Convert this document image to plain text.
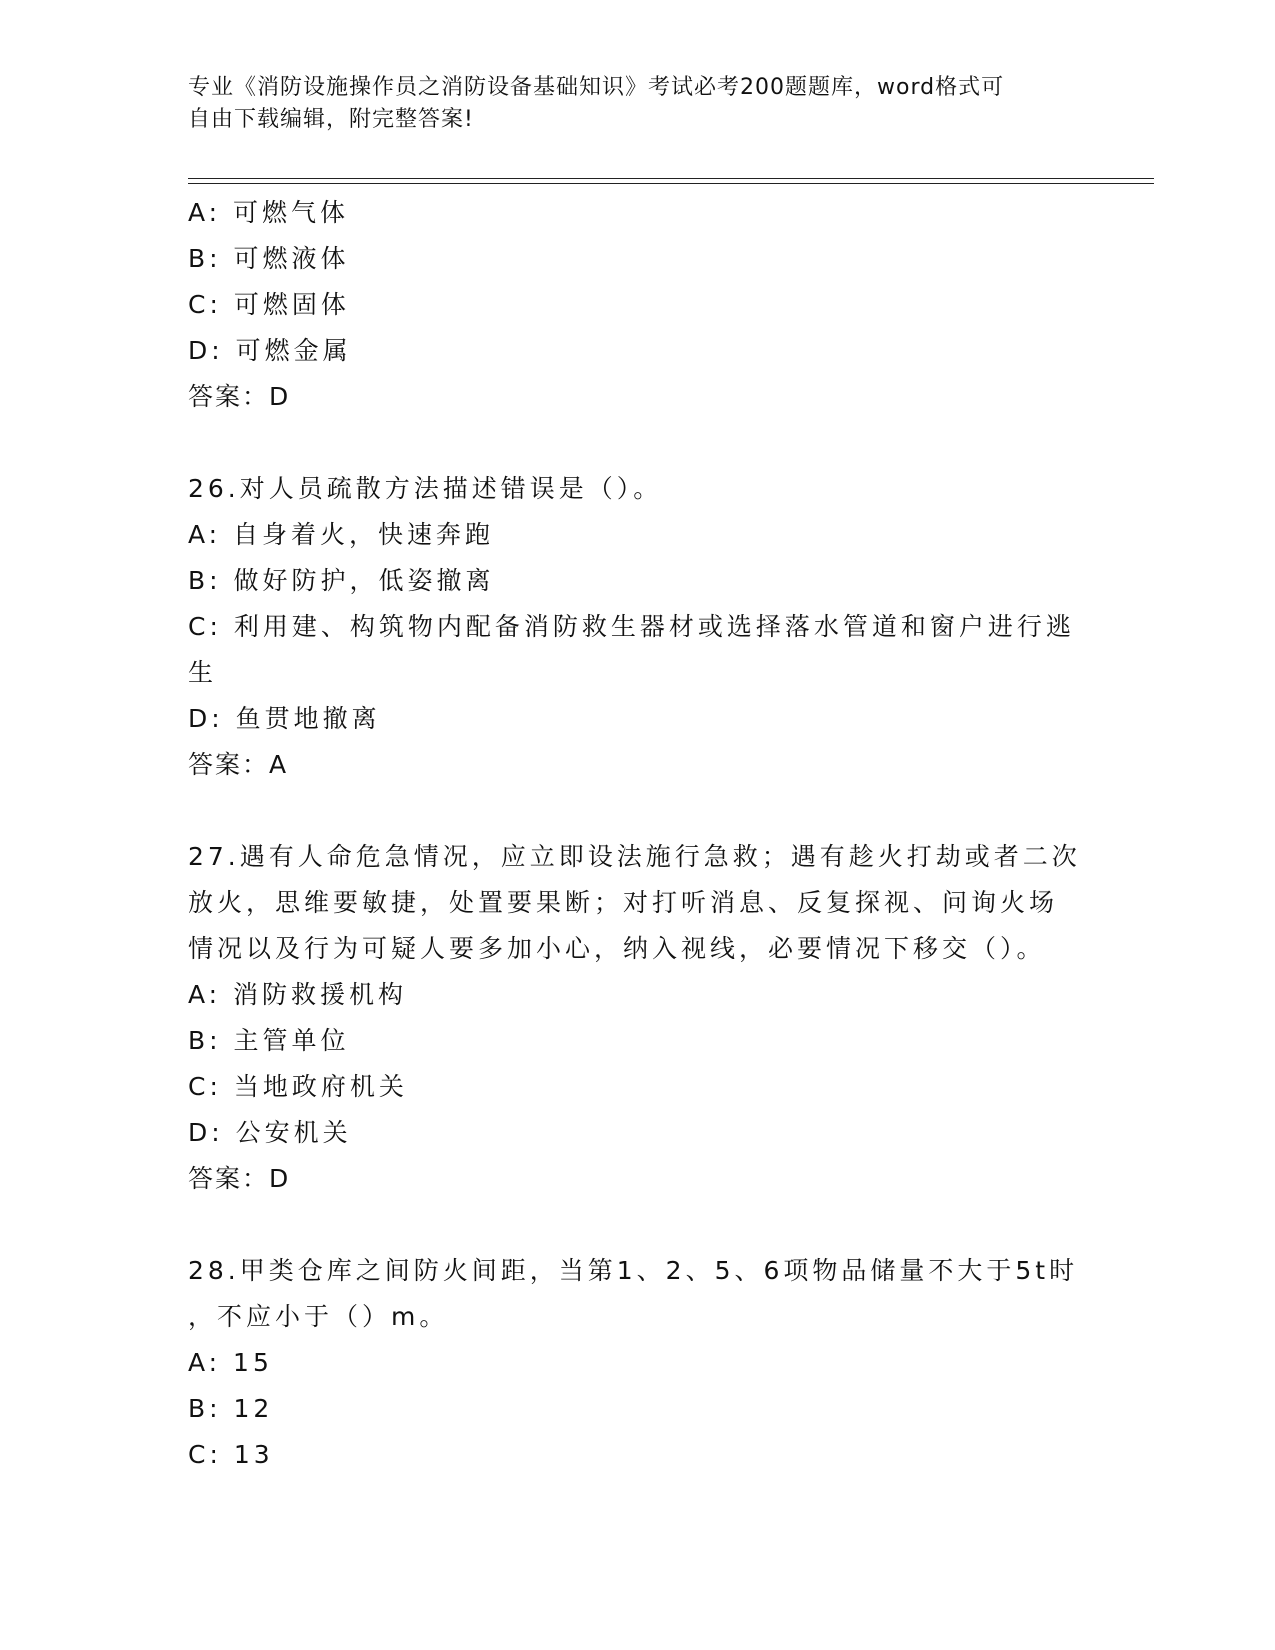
专业《消防设施操作员之消防设备基础知识》考试必考200题题库，word格式可
自由下载编辑，附完整答案!
A: 可燃气体
B: 可燃液体
C: 可燃固体
D: 可燃金属
答案：D
26.对人员疏散方法描述错误是（）。
A: 自身着火，快速奔跑
B: 做好防护，低姿撤离
C: 利用建、构筑物内配备消防救生器材或选择落水管道和窗户进行逃
生
D: 鱼贯地撤离
答案：A
27.遇有人命危急情况，应立即设法施行急救；遇有趁火打劫或者二次
放火，思维要敏捷，处置要果断；对打听消息、反复探视、问询火场
情况以及行为可疑人要多加小心，纳入视线，必要情况下移交（）。
A: 消防救援机构
B: 主管单位
C: 当地政府机关
D: 公安机关
答案：D
28.甲类仓库之间防火间距，当第1、2、5、6项物品储量不大于5t时
，不应小于（）m。
A: 15
B: 12
C: 13
